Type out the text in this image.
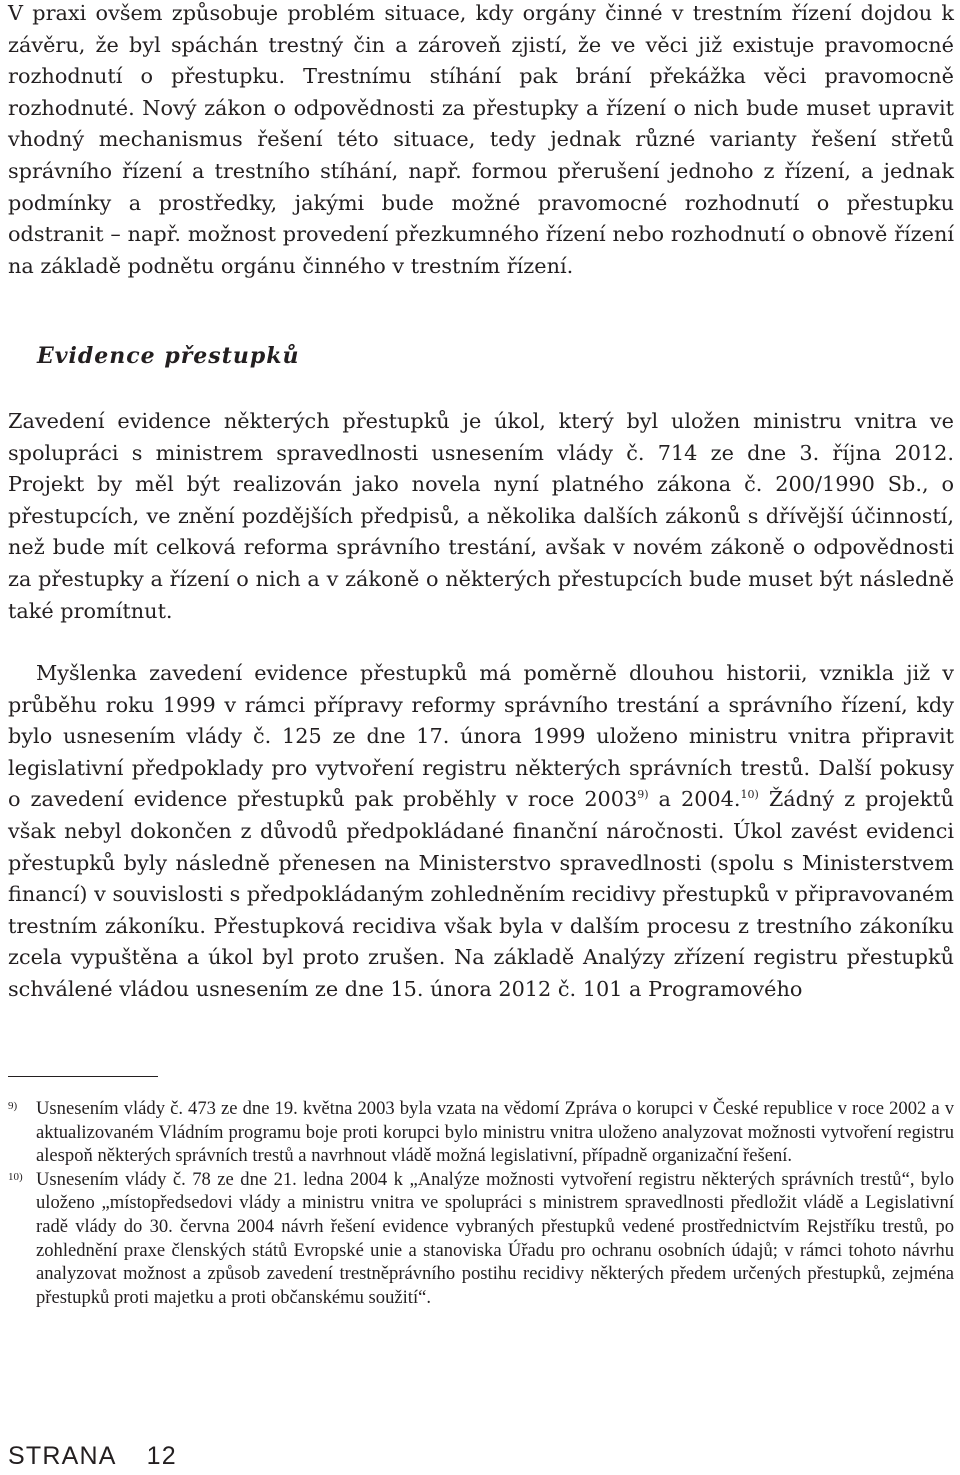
V praxi ovšem způsobuje problém situace, kdy orgány činné v trestním řízení dojdou k závěru, že byl spáchán trestný čin a zároveň zjistí, že ve věci již existuje pravomocné rozhodnutí o přestupku. Trestnímu stíhání pak brání překážka věci pravomocně rozhodnuté. Nový zákon o odpovědnosti za přestupky a řízení o nich bude muset upravit vhodný mechanismus řešení této situace, tedy jednak různé varianty řešení střetů správního řízení a trestního stíhání, např. formou přerušení jednoho z řízení, a jednak podmínky a prostředky, jakými bude možné pravomocné rozhodnutí o přestupku odstranit – např. možnost provedení přezkumného řízení nebo rozhodnutí o obnově řízení na základě podnětu orgánu činného v trestním řízení.

Evidence přestupků

Zavedení evidence některých přestupků je úkol, který byl uložen ministru vnitra ve spolupráci s ministrem spravedlnosti usnesením vlády č. 714 ze dne 3. října 2012. Projekt by měl být realizován jako novela nyní platného zákona č. 200/1990 Sb., o přestupcích, ve znění pozdějších předpisů, a několika dalších zákonů s dřívější účinností, než bude mít celková reforma správního trestání, avšak v novém zákoně o odpovědnosti za přestupky a řízení o nich a v zákoně o některých přestupcích bude muset být následně také promítnut.

Myšlenka zavedení evidence přestupků má poměrně dlouhou historii, vznikla již v průběhu roku 1999 v rámci přípravy reformy správního trestání a správního řízení, kdy bylo usnesením vlády č. 125 ze dne 17. února 1999 uloženo ministru vnitra připravit legislativní předpoklady pro vytvoření registru některých správních trestů. Další pokusy o zavedení evidence přestupků pak proběhly v roce 2003$^{9)}$ a 2004.$^{10)}$ Žádný z projektů však nebyl dokončen z důvodů předpokládané finanční náročnosti. Úkol zavést evidenci přestupků byly následně přenesen na Ministerstvo spravedlnosti (spolu s Ministerstvem financí) v souvislosti s předpokládaným zohledněním recidivy přestupků v připravovaném trestním zákoníku. Přestupková recidiva však byla v dalším procesu z trestního zákoníku zcela vypuštěna a úkol byl proto zrušen. Na základě Analýzy zřízení registru přestupků schválené vládou usnesením ze dne 15. února 2012 č. 101 a Programového

9)	Usnesením vlády č. 473 ze dne 19. května 2003 byla vzata na vědomí Zpráva o korupci v České republice v roce 2002 a v aktualizovaném Vládním programu boje proti korupci bylo ministru vnitra uloženo analyzovat možnosti vytvoření registru alespoň některých správních trestů a navrhnout vládě možná legislativní, případně organizační řešení.
10) Usnesením vlády č. 78 ze dne 21. ledna 2004 k „Analýze možnosti vytvoření registru některých správních trestů“, bylo uloženo „místopředsedovi vlády a ministru vnitra ve spolupráci s ministrem spravedlnosti předložit vládě a Legislativní radě vlády do 30. června 2004 návrh řešení evidence vybraných přestupků vedené prostřednictvím Rejstříku trestů, po zohlednění praxe členských států Evropské unie a stanoviska Úřadu pro ochranu osobních údajů; v rámci tohoto návrhu analyzovat možnost a způsob zavedení trestněprávního postihu recidivy některých předem určených přestupků, zejména přestupků proti majetku a proti občanskému soužití“.
STRANA 12
